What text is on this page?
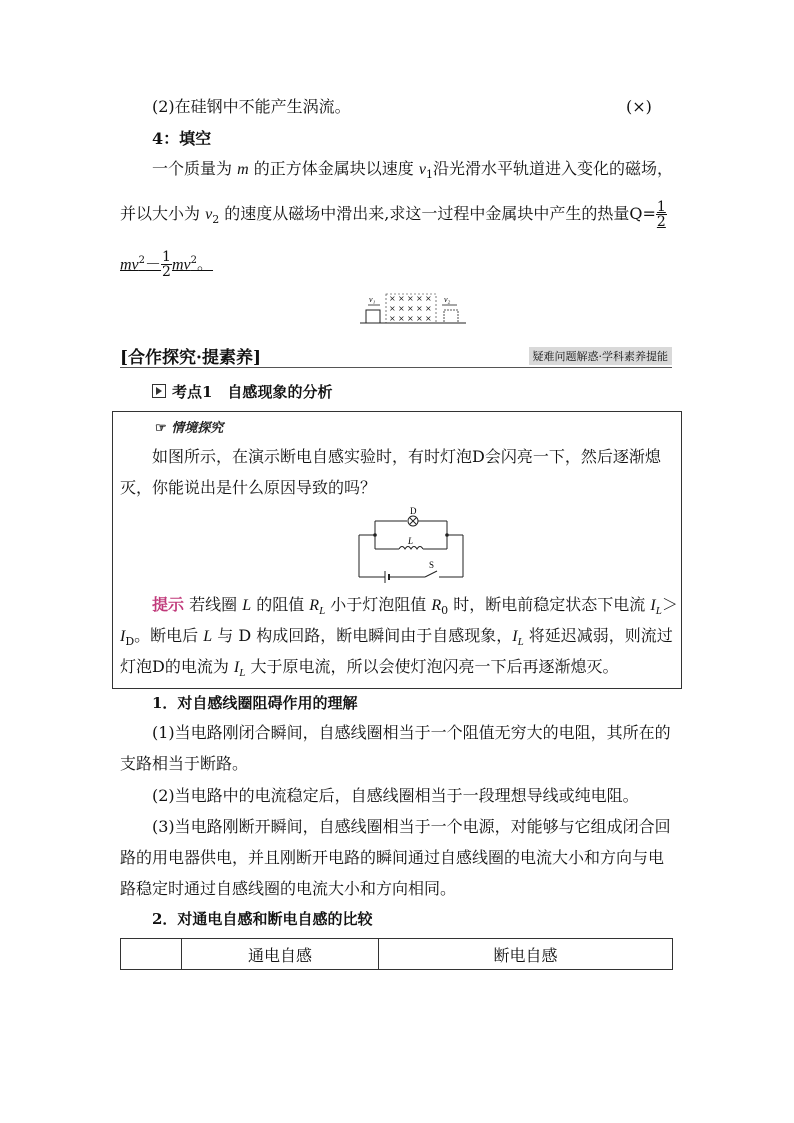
(2)在硅钢中不能产生涡流。	(×)
4：填空
一个质量为 m 的正方体金属块以速度 $v_1$沿光滑水平轨道进入变化的磁场，
并以大小为 $v_2$ 的速度从磁场中滑出来,求这一过程中金属块中产生的热量$Q= \frac{1}{2}$
$mv^2- \frac{1}{2} mv^2$。
v₁ × × × × ×
× × × × ×
× × × × ×
v₂
[合作探究·提素养]	疑难问题解惑·学科素养提能
考点1　自感现象的分析
☞ 情境探究
如图所示，在演示断电自感实验时，有时灯泡D会闪亮一下，然后逐渐熄
灭，你能说出是什么原因导致的吗？
D
L
S
提示 若线圈 L 的阻值 $R_L$ 小于灯泡阻值 $R_0$ 时，断电前稳定状态下电流 $I_L>$
$I_D$。断电后 L 与 D 构成回路，断电瞬间由于自感现象，$I_L$ 将延迟减弱，则流过
灯泡D的电流为 $I_L$ 大于原电流，所以会使灯泡闪亮一下后再逐渐熄灭。
1．对自感线圈阻碍作用的理解
(1)当电路刚闭合瞬间，自感线圈相当于一个阻值无穷大的电阻，其所在的
支路相当于断路。
(2)当电路中的电流稳定后，自感线圈相当于一段理想导线或纯电阻。
(3)当电路刚断开瞬间，自感线圈相当于一个电源，对能够与它组成闭合回
路的用电器供电，并且刚断开电路的瞬间通过自感线圈的电流大小和方向与电
路稳定时通过自感线圈的电流大小和方向相同。
2．对通电自感和断电自感的比较
	通电自感	断电自感
